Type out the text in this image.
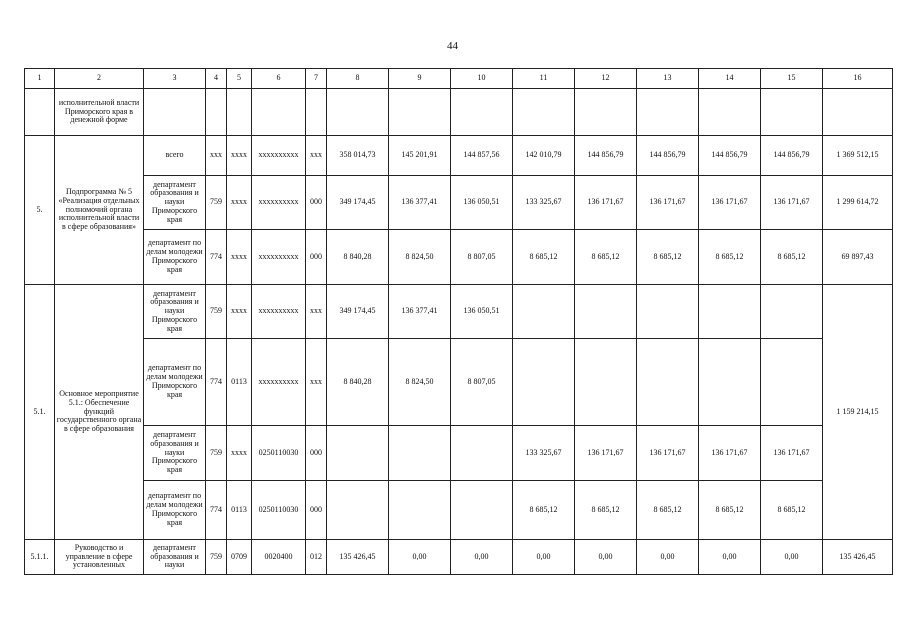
44
1	2	3	4	5	6	7	8	9	10	11	12	13	14	15	16
	исполнительной власти Приморского края в денежной форме														
5.	Подпрограмма № 5 «Реализация отдельных полномочий органа исполнительной власти в сфере образования»	всего	ххх	хххх	хххххххххх	ххх	358 014,73	145 201,91	144 857,56	142 010,79	144 856,79	144 856,79	144 856,79	144 856,79	1 369 512,15
		департамент образования и науки Приморского края	759	хххх	хххххххххх	000	349 174,45	136 377,41	136 050,51	133 325,67	136 171,67	136 171,67	136 171,67	136 171,67	1 299 614,72
		департамент по делам молодежи Приморского края	774	хххх	хххххххххх	000	8 840,28	8 824,50	8 807,05	8 685,12	8 685,12	8 685,12	8 685,12	8 685,12	69 897,43
5.1.	Основное мероприятие 5.1.: Обеспечение функций государственного органа в сфере образования	департамент образования и науки Приморского края	759	хххх	хххххххххх	ххх	349 174,45	136 377,41	136 050,51						1 159 214,15
		департамент по делам молодежи Приморского края	774	0113	хххххххххх	ххх	8 840,28	8 824,50	8 807,05						
		департамент образования и науки Приморского края	759	хххх	0250110030	000				133 325,67	136 171,67	136 171,67	136 171,67	136 171,67	
		департамент по делам молодежи Приморского края	774	0113	0250110030	000				8 685,12	8 685,12	8 685,12	8 685,12	8 685,12	
5.1.1.	Руководство и управление в сфере установленных	департамент образования и науки	759	0709	0020400	012	135 426,45	0,00	0,00	0,00	0,00	0,00	0,00	0,00	135 426,45
